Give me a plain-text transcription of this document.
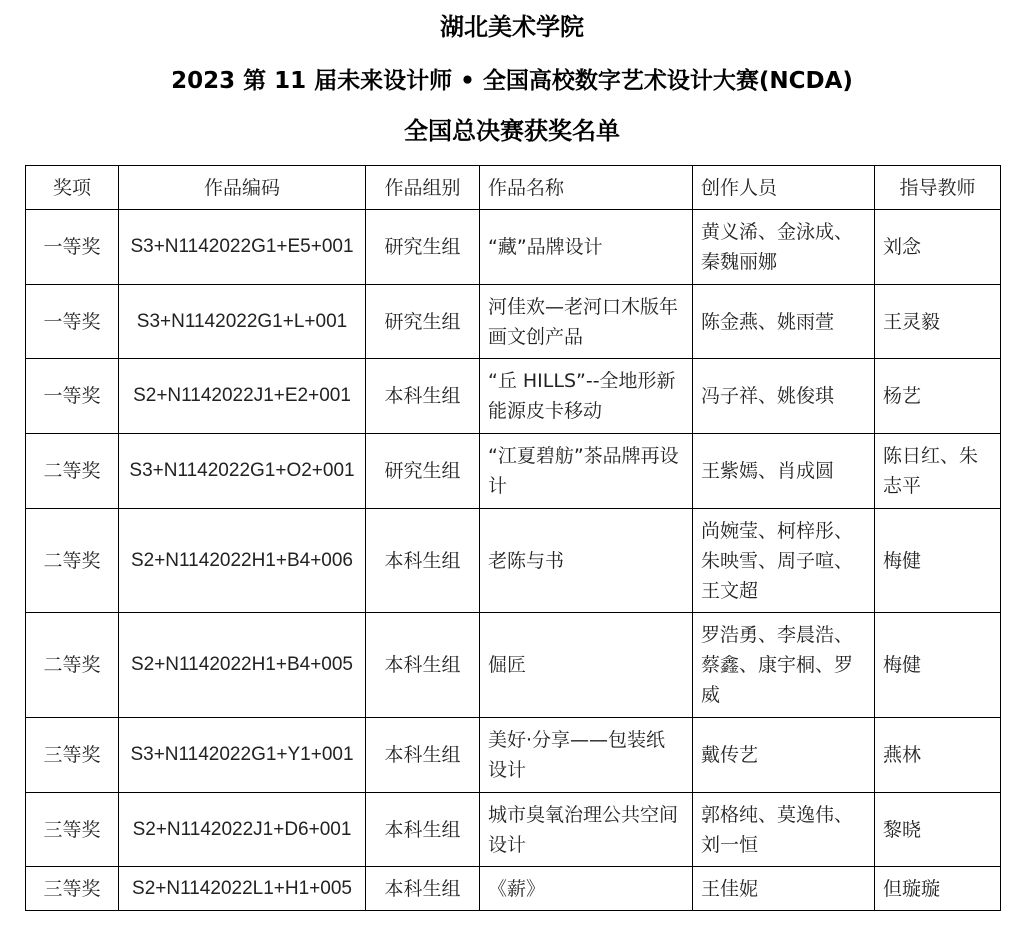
湖北美术学院
2023 第 11 届未来设计师 • 全国高校数字艺术设计大赛(NCDA)
全国总决赛获奖名单
奖项	作品编码	作品组别	作品名称	创作人员	指导教师
一等奖	S3+N1142022G1+E5+001	研究生组	“藏”品牌设计	黄义浠、金泳成、秦魏丽娜	刘念
一等奖	S3+N1142022G1+L+001	研究生组	河佳欢—老河口木版年画文创产品	陈金燕、姚雨萱	王灵毅
一等奖	S2+N1142022J1+E2+001	本科生组	“丘 HILLS”--全地形新能源皮卡移动	冯子祥、姚俊琪	杨艺
二等奖	S3+N1142022G1+O2+001	研究生组	“江夏碧舫”茶品牌再设计	王紫嫣、肖成圆	陈日红、朱志平
二等奖	S2+N1142022H1+B4+006	本科生组	老陈与书	尚婉莹、柯梓彤、朱映雪、周子喧、王文超	梅健
二等奖	S2+N1142022H1+B4+005	本科生组	倔匠	罗浩勇、李晨浩、蔡鑫、康宇桐、罗威	梅健
三等奖	S3+N1142022G1+Y1+001	本科生组	美好·分享——包装纸设计	戴传艺	燕林
三等奖	S2+N1142022J1+D6+001	本科生组	城市臭氧治理公共空间设计	郭格纯、莫逸伟、刘一恒	黎晓
三等奖	S2+N1142022L1+H1+005	本科生组	《薪》	王佳妮	但璇璇
